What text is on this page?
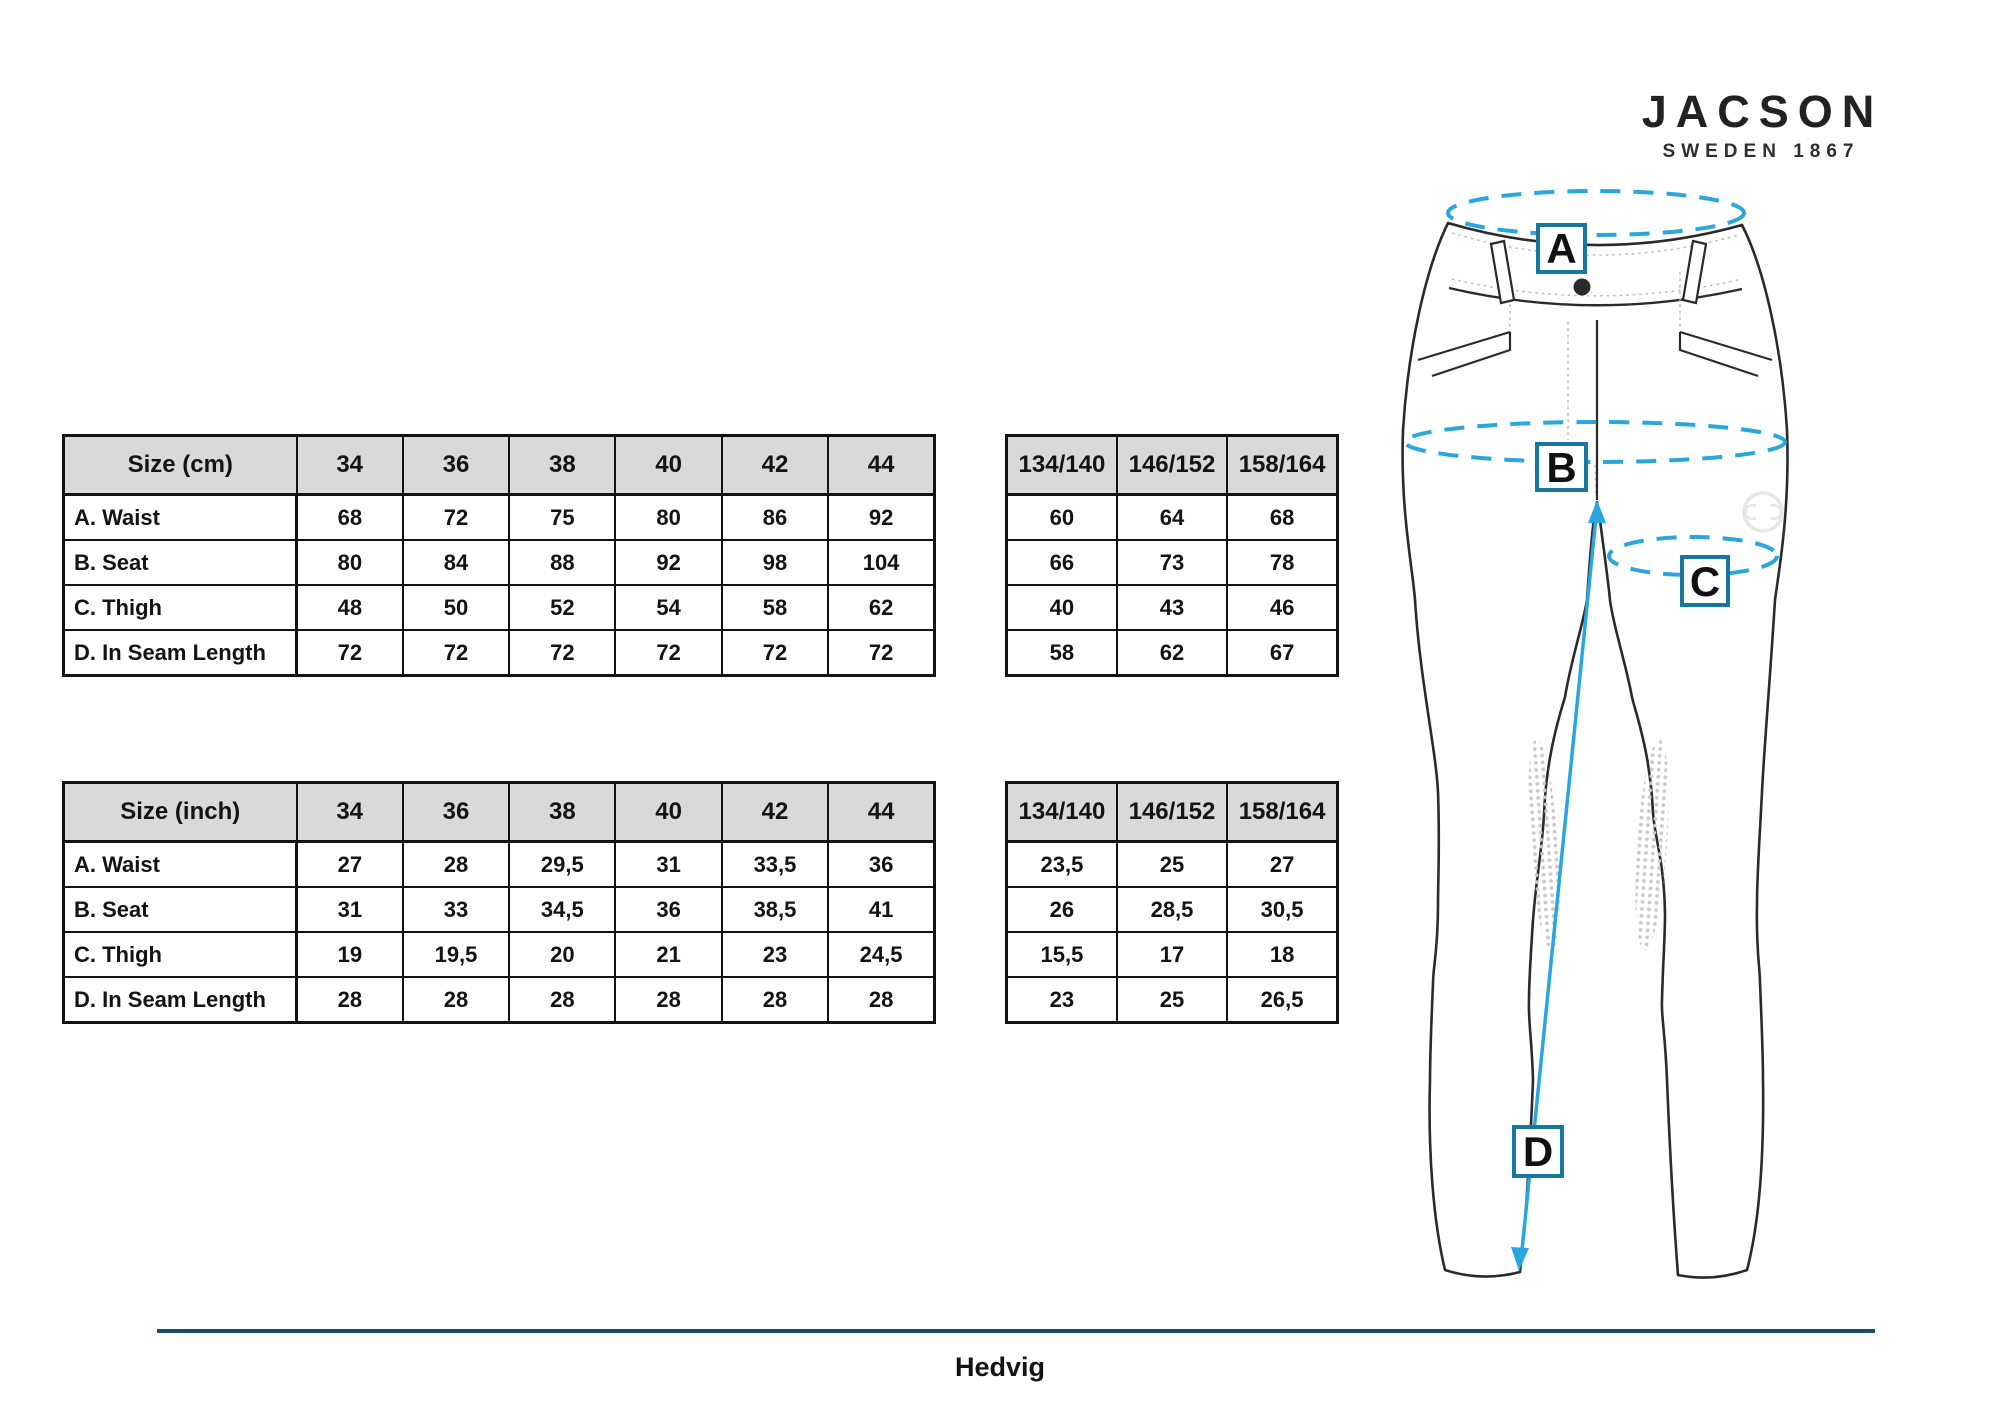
Size (cm)	34	36	38	40	42	44
A. Waist	68	72	75	80	86	92
B. Seat	80	84	88	92	98	104
C. Thigh	48	50	52	54	58	62
D. In Seam Length	72	72	72	72	72	72
134/140	146/152	158/164
60	64	68
66	73	78
40	43	46
58	62	67
Size (inch)	34	36	38	40	42	44
A. Waist	27	28	29,5	31	33,5	36
B. Seat	31	33	34,5	36	38,5	41
C. Thigh	19	19,5	20	21	23	24,5
D. In Seam Length	28	28	28	28	28	28
134/140	146/152	158/164
23,5	25	27
26	28,5	30,5
15,5	17	18
23	25	26,5
JACSON
SWEDEN 1867
A
B
C
D
Hedvig
